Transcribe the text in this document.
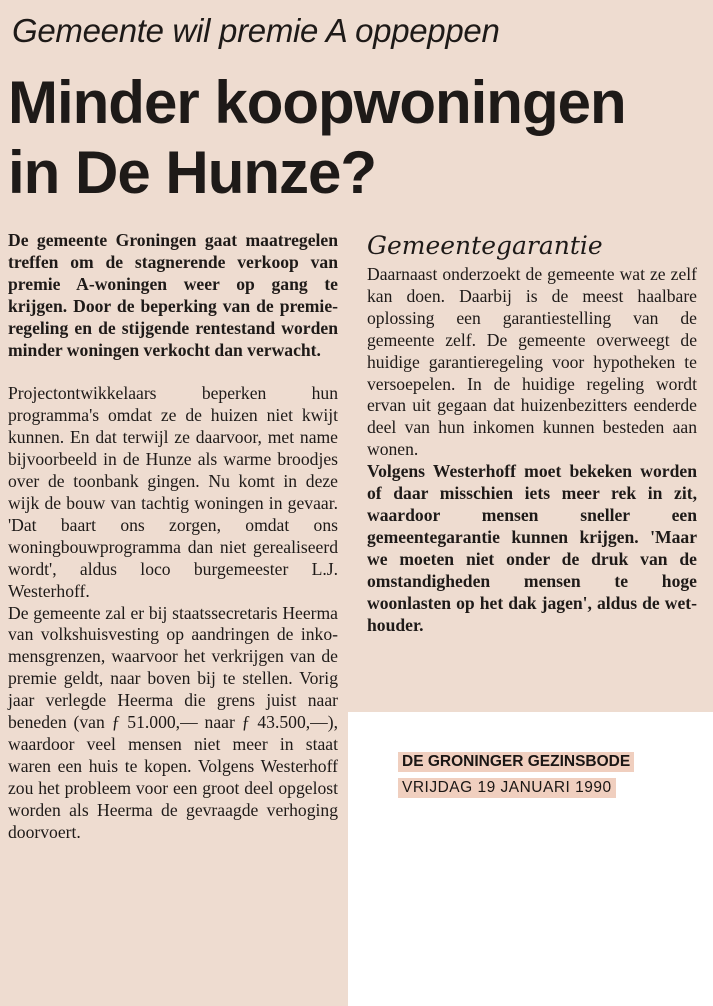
Gemeente wil premie A oppeppen
Minder koopwoningen
in De Hunze?

De gemeente Groningen gaat maatregelen treffen om de stagnerende verkoop van premie A-woningen weer op gang te krijgen. Door de beperking van de premieregeling en de stijgende rentestand worden minder woningen verkocht dan verwacht.

Projectontwikkelaars beperken hun programma's omdat ze de huizen niet kwijt kunnen. En dat terwijl ze daarvoor, met name bijvoorbeeld in de Hunze als warme broodjes over de toonbank gingen. Nu komt in deze wijk de bouw van tachtig woningen in gevaar. 'Dat baart ons zorgen, omdat ons woningbouwprogramma dan niet gerealiseerd wordt', aldus loco burgemeester L.J. Westerhoff.

De gemeente zal er bij staatssecretaris Heerma van volkshuisvesting op aandringen de inkomensgrenzen, waarvoor het verkrijgen van de premie geldt, naar boven bij te stellen. Vorig jaar verlegde Heerma die grens juist naar beneden (van ƒ 51.000,— naar ƒ 43.500,—), waardoor veel mensen niet meer in staat waren een huis te kopen. Volgens Westerhoff zou het probleem voor een groot deel opgelost worden als Heerma de gevraagde verhoging doorvoert.

Gemeentegarantie

Daarnaast onderzoekt de gemeente wat ze zelf kan doen. Daarbij is de meest haalbare oplossing een garantiestelling van de gemeente zelf. De gemeente overweegt de huidige garantieregeling voor hypotheken te versoepelen. In de huidige regeling wordt ervan uit gegaan dat huizenbezitters eenderde deel van hun inkomen kunnen besteden aan wonen.

Volgens Westerhoff moet bekeken worden of daar misschien iets meer rek in zit, waardoor mensen sneller een gemeentegarantie kunnen krijgen. 'Maar we moeten niet onder de druk van de omstandigheden mensen te hoge woonlasten op het dak jagen', aldus de wethouder.

DE GRONINGER GEZINSBODE
VRIJDAG 19 JANUARI 1990
